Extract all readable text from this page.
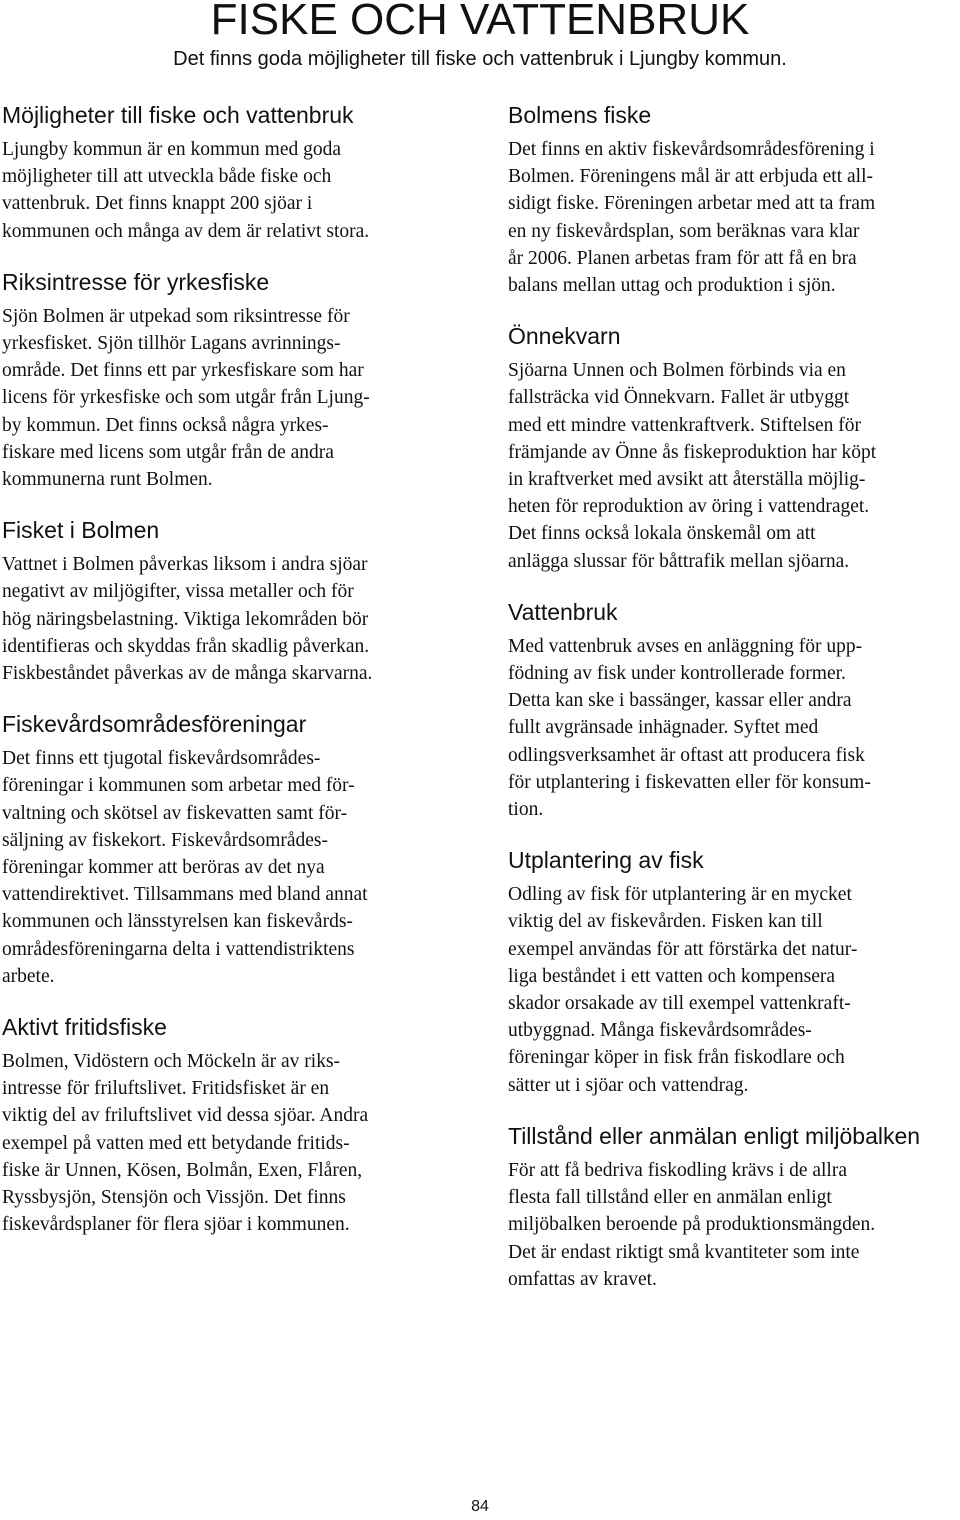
FISKE OCH VATTENBRUK
Det finns goda möjligheter till fiske och vattenbruk i Ljungby kommun.
Möjligheter till fiske och vattenbruk

Ljungby kommun är en kommun med goda
möjligheter till att utveckla både fiske och
vattenbruk. Det finns knappt 200 sjöar i
kommunen och många av dem är relativt stora.

Riksintresse för yrkesfiske

Sjön Bolmen är utpekad som riksintresse för
yrkesfisket. Sjön tillhör Lagans avrinnings-
område. Det finns ett par yrkesfiskare som har
licens för yrkesfiske och som utgår från Ljung-
by kommun. Det finns också några yrkes-
fiskare med licens som utgår från de andra
kommunerna runt Bolmen.

Fisket i Bolmen

Vattnet i Bolmen påverkas liksom i andra sjöar
negativt av miljögifter, vissa metaller och för
hög näringsbelastning. Viktiga lekområden bör
identifieras och skyddas från skadlig påverkan.
Fiskbeståndet påverkas av de många skarvarna.

Fiskevårdsområdesföreningar

Det finns ett tjugotal fiskevårdsområdes-
föreningar i kommunen som arbetar med för-
valtning och skötsel av fiskevatten samt för-
säljning av fiskekort. Fiskevårdsområdes-
föreningar kommer att beröras av det nya
vattendirektivet. Tillsammans med bland annat
kommunen och länsstyrelsen kan fiskevårds-
områdesföreningarna delta i vattendistriktens
arbete.

Aktivt fritidsfiske

Bolmen, Vidöstern och Möckeln är av riks-
intresse för friluftslivet. Fritidsfisket är en
viktig del av friluftslivet vid dessa sjöar. Andra
exempel på vatten med ett betydande fritids-
fiske är Unnen, Kösen, Bolmån, Exen, Flåren,
Ryssbysjön, Stensjön och Vissjön. Det finns
fiskevårdsplaner för flera sjöar i kommunen.

Bolmens fiske

Det finns en aktiv fiskevårdsområdesförening i
Bolmen. Föreningens mål är att erbjuda ett all-
sidigt fiske. Föreningen arbetar med att ta fram
en ny fiskevårdsplan, som beräknas vara klar
år 2006. Planen arbetas fram för att få en bra
balans mellan uttag och produktion i sjön.

Önnekvarn

Sjöarna Unnen och Bolmen förbinds via en
fallsträcka vid Önnekvarn. Fallet är utbyggt
med ett mindre vattenkraftverk. Stiftelsen för
främjande av Önne ås fiskeproduktion har köpt
in kraftverket med avsikt att återställa möjlig-
heten för reproduktion av öring i vattendraget.
Det finns också lokala önskemål om att
anlägga slussar för båttrafik mellan sjöarna.

Vattenbruk

Med vattenbruk avses en anläggning för upp-
födning av fisk under kontrollerade former.
Detta kan ske i bassänger, kassar eller andra
fullt avgränsade inhägnader. Syftet med
odlingsverksamhet är oftast att producera fisk
för utplantering i fiskevatten eller för konsum-
tion.

Utplantering av fisk

Odling av fisk för utplantering är en mycket
viktig del av fiskevården. Fisken kan till
exempel användas för att förstärka det natur-
liga beståndet i ett vatten och kompensera
skador orsakade av till exempel vattenkraft-
utbyggnad. Många fiskevårdsområdes-
föreningar köper in fisk från fiskodlare och
sätter ut i sjöar och vattendrag.

Tillstånd eller anmälan enligt miljöbalken

För att få bedriva fiskodling krävs i de allra
flesta fall tillstånd eller en anmälan enligt
miljöbalken beroende på produktionsmängden.
Det är endast riktigt små kvantiteter som inte
omfattas av kravet.

84
